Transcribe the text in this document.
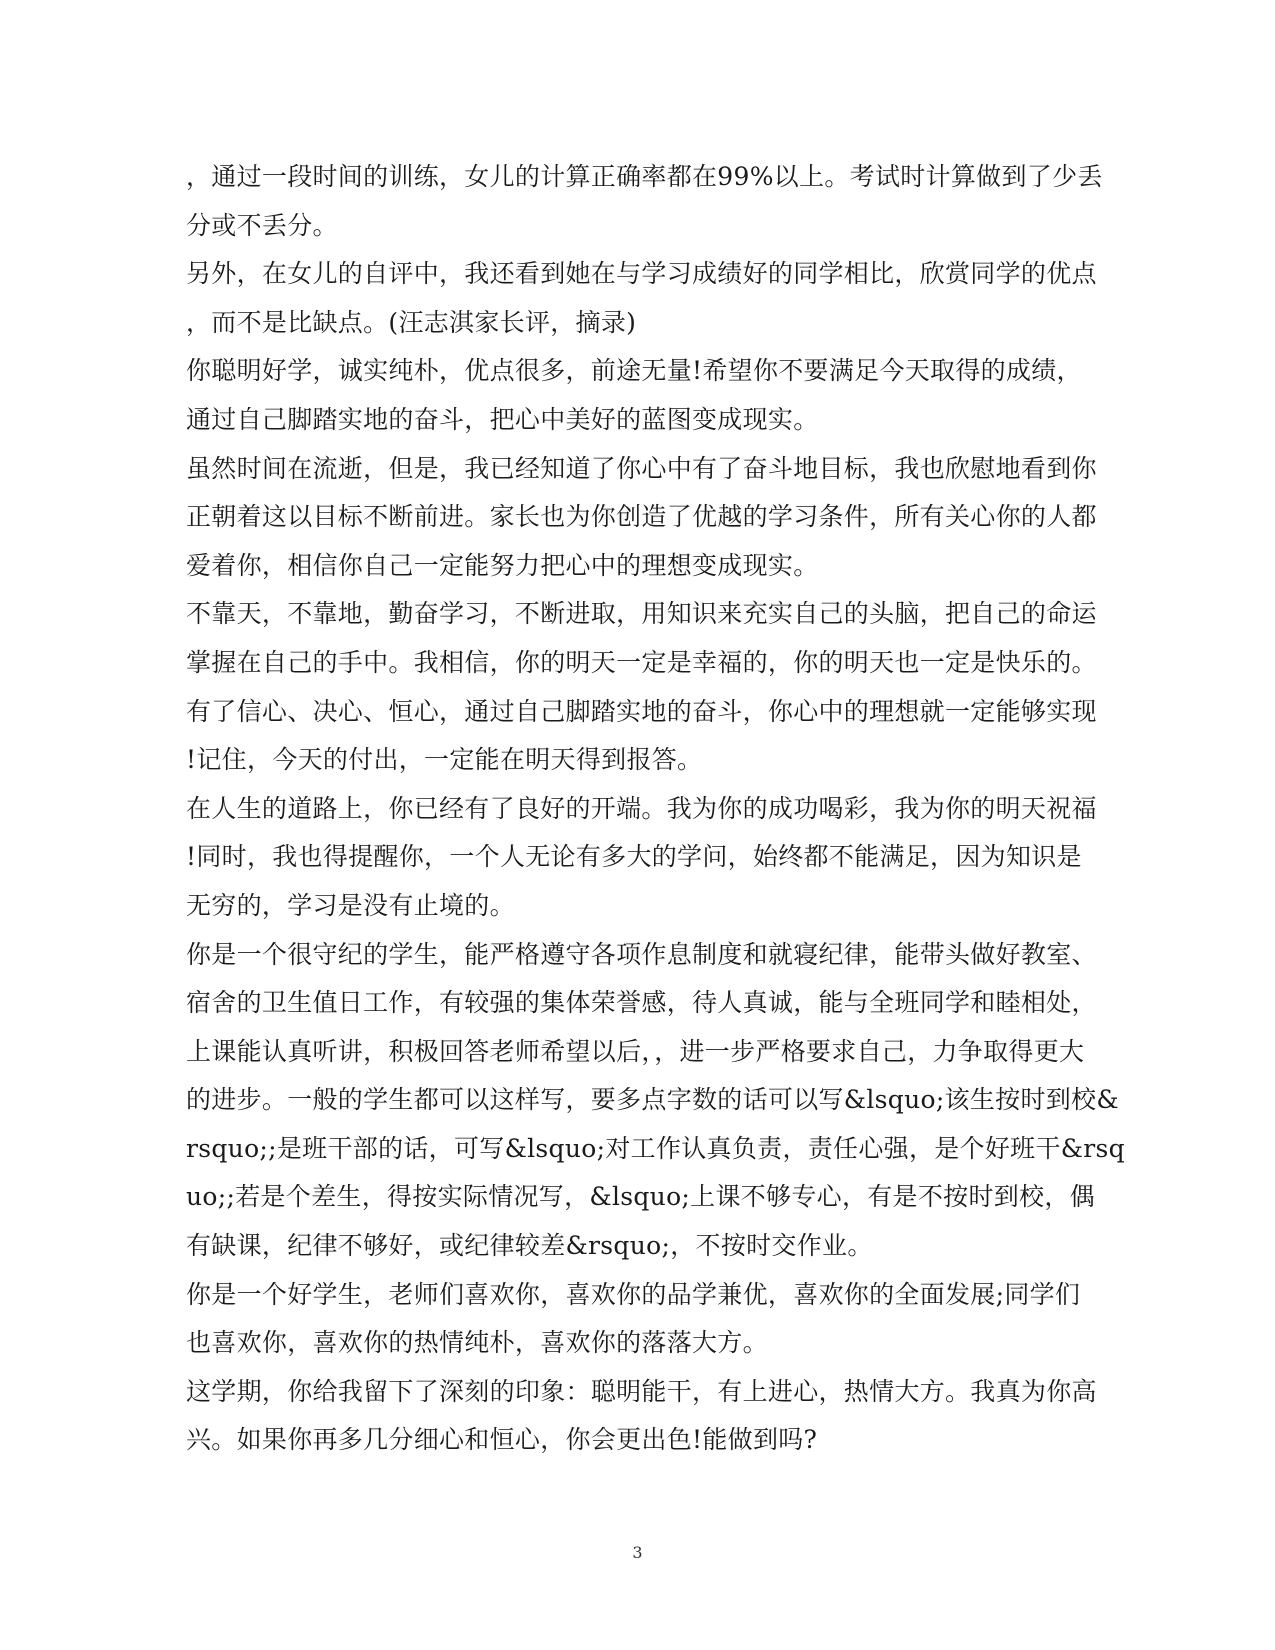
，通过一段时间的训练，女儿的计算正确率都在99%以上。考试时计算做到了少丢
分或不丢分。
另外，在女儿的自评中，我还看到她在与学习成绩好的同学相比，欣赏同学的优点
，而不是比缺点。(汪志淇家长评，摘录)
你聪明好学，诚实纯朴，优点很多，前途无量!希望你不要满足今天取得的成绩，
通过自己脚踏实地的奋斗，把心中美好的蓝图变成现实。
虽然时间在流逝，但是，我已经知道了你心中有了奋斗地目标，我也欣慰地看到你
正朝着这以目标不断前进。家长也为你创造了优越的学习条件，所有关心你的人都
爱着你，相信你自己一定能努力把心中的理想变成现实。
不靠天，不靠地，勤奋学习，不断进取，用知识来充实自己的头脑，把自己的命运
掌握在自己的手中。我相信，你的明天一定是幸福的，你的明天也一定是快乐的。
有了信心、决心、恒心，通过自己脚踏实地的奋斗，你心中的理想就一定能够实现
!记住，今天的付出，一定能在明天得到报答。
在人生的道路上，你已经有了良好的开端。我为你的成功喝彩，我为你的明天祝福
!同时，我也得提醒你，一个人无论有多大的学问，始终都不能满足，因为知识是
无穷的，学习是没有止境的。
你是一个很守纪的学生，能严格遵守各项作息制度和就寝纪律，能带头做好教室、
宿舍的卫生值日工作，有较强的集体荣誉感，待人真诚，能与全班同学和睦相处，
上课能认真听讲，积极回答老师希望以后，，进一步严格要求自己，力争取得更大
的进步。一般的学生都可以这样写，要多点字数的话可以写&lsquo;该生按时到校&
rsquo;;是班干部的话，可写&lsquo;对工作认真负责，责任心强，是个好班干&rsq
uo;;若是个差生，得按实际情况写，&lsquo;上课不够专心，有是不按时到校，偶
有缺课，纪律不够好，或纪律较差&rsquo;，不按时交作业。
你是一个好学生，老师们喜欢你，喜欢你的品学兼优，喜欢你的全面发展;同学们
也喜欢你，喜欢你的热情纯朴，喜欢你的落落大方。
这学期，你给我留下了深刻的印象：聪明能干，有上进心，热情大方。我真为你高
兴。如果你再多几分细心和恒心，你会更出色!能做到吗?
3
